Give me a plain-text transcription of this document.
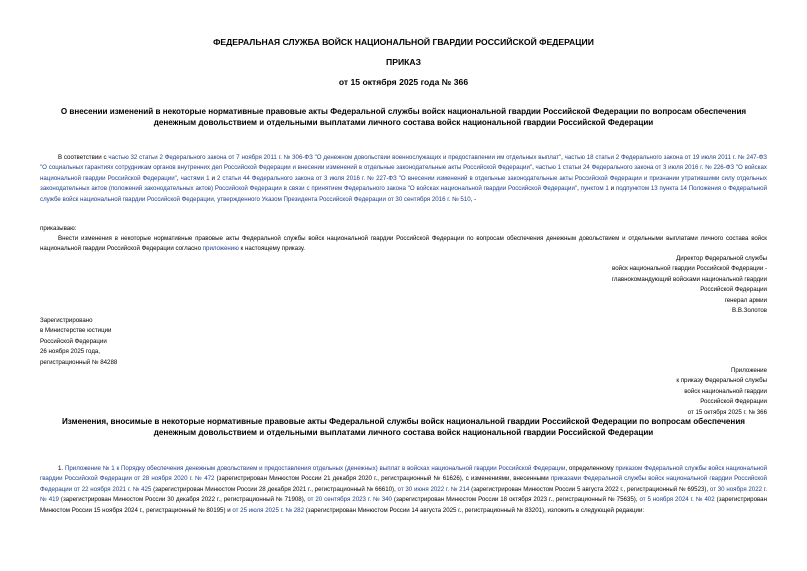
ФЕДЕРАЛЬНАЯ СЛУЖБА ВОЙСК НАЦИОНАЛЬНОЙ ГВАРДИИ РОССИЙСКОЙ ФЕДЕРАЦИИ
ПРИКАЗ
от 15 октября 2025 года № 366
О внесении изменений в некоторые нормативные правовые акты Федеральной службы войск национальной гвардии Российской Федерации по вопросам обеспечения денежным довольствием и отдельными выплатами личного состава войск национальной гвардии Российской Федерации

В соответствии с частью 32 статьи 2 Федерального закона от 7 ноября 2011 г. № 306-ФЗ "О денежном довольствии военнослужащих и предоставлении им отдельных выплат", частью 18 статьи 2 Федерального закона от 19 июля 2011 г. № 247-ФЗ "О социальных гарантиях сотрудникам органов внутренних дел Российской Федерации и внесении изменений в отдельные законодательные акты Российской Федерации", частью 1 статьи 24 Федерального закона от 3 июля 2016 г. № 226-ФЗ "О войсках национальной гвардии Российской Федерации", частями 1 и 2 статьи 44 Федерального закона от 3 июля 2016 г. № 227-ФЗ "О внесении изменений в отдельные законодательные акты Российской Федерации и признании утратившими силу отдельных законодательных актов (положений законодательных актов) Российской Федерации в связи с принятием Федерального закона "О войсках национальной гвардии Российской Федерации", пунктом 1 и подпунктом 13 пункта 14 Положения о Федеральной службе войск национальной гвардии Российской Федерации, утвержденного Указом Президента Российской Федерации от 30 сентября 2016 г. № 510, -

приказываю:

Внести изменения в некоторые нормативные правовые акты Федеральной службы войск национальной гвардии Российской Федерации по вопросам обеспечения денежным довольствием и отдельными выплатами личного состава войск национальной гвардии Российской Федерации согласно приложению к настоящему приказу.

Директор Федеральной службы
войск национальной гвардии Российской Федерации -
главнокомандующий войсками национальной гвардии
Российской Федерации
генерал армии
В.В.Золотов
Зарегистрировано
в Министерстве юстиции
Российской Федерации
26 ноября 2025 года,
регистрационный № 84288
Приложение
к приказу Федеральной службы
войск национальной гвардии
Российской Федерации
от 15 октября 2025 г. № 366
Изменения, вносимые в некоторые нормативные правовые акты Федеральной службы войск национальной гвардии Российской Федерации по вопросам обеспечения денежным довольствием и отдельными выплатами личного состава войск национальной гвардии Российской Федерации

1. Приложение № 1 к Порядку обеспечения денежным довольствием и предоставления отдельных (денежных) выплат в войсках национальной гвардии Российской Федерации, определенному приказом Федеральной службы войск национальной гвардии Российской Федерации от 28 ноября 2020 г. № 472 (зарегистрирован Минюстом России 21 декабря 2020 г., регистрационный № 61626), с изменениями, внесенными приказами Федеральной службы войск национальной гвардии Российской Федерации от 22 ноября 2021 г. № 425 (зарегистрирован Минюстом России 28 декабря 2021 г., регистрационный № 66610), от 30 июня 2022 г. № 214 (зарегистрирован Минюстом России 5 августа 2022 г., регистрационный № 69523), от 30 ноября 2022 г. № 419 (зарегистрирован Минюстом России 30 декабря 2022 г., регистрационный № 71908), от 20 сентября 2023 г. № 340 (зарегистрирован Минюстом России 18 октября 2023 г., регистрационный № 75635), от 5 ноября 2024 г. № 402 (зарегистрирован Минюстом России 15 ноября 2024 г., регистрационный № 80195) и от 25 июля 2025 г. № 282 (зарегистрирован Минюстом России 14 августа 2025 г., регистрационный № 83201), изложить в следующей редакции:
